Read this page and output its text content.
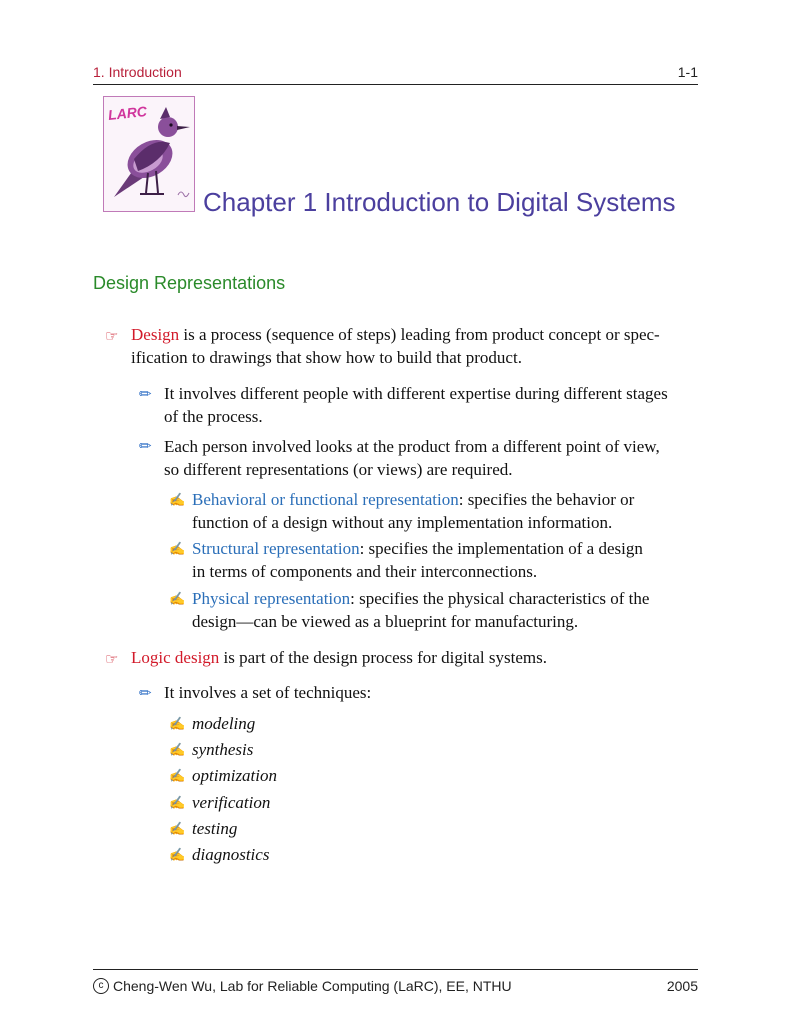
1. Introduction	1-1
LARC
Chapter 1 Introduction to Digital Systems
Design Representations
☞ Design is a process (sequence of steps) leading from product concept or spec-
ification to drawings that show how to build that product.
✏ It involves different people with different expertise during different stages
of the process.
✏ Each person involved looks at the product from a different point of view,
so different representations (or views) are required.
✍ Behavioral or functional representation: specifies the behavior or
function of a design without any implementation information.
✍ Structural representation: specifies the implementation of a design
in terms of components and their interconnections.
✍ Physical representation: specifies the physical characteristics of the
design—can be viewed as a blueprint for manufacturing.
☞ Logic design is part of the design process for digital systems.
✏ It involves a set of techniques:
✍ modeling
✍ synthesis
✍ optimization
✍ verification
✍ testing
✍ diagnostics
c Cheng-Wen Wu, Lab for Reliable Computing (LaRC), EE, NTHU	2005
